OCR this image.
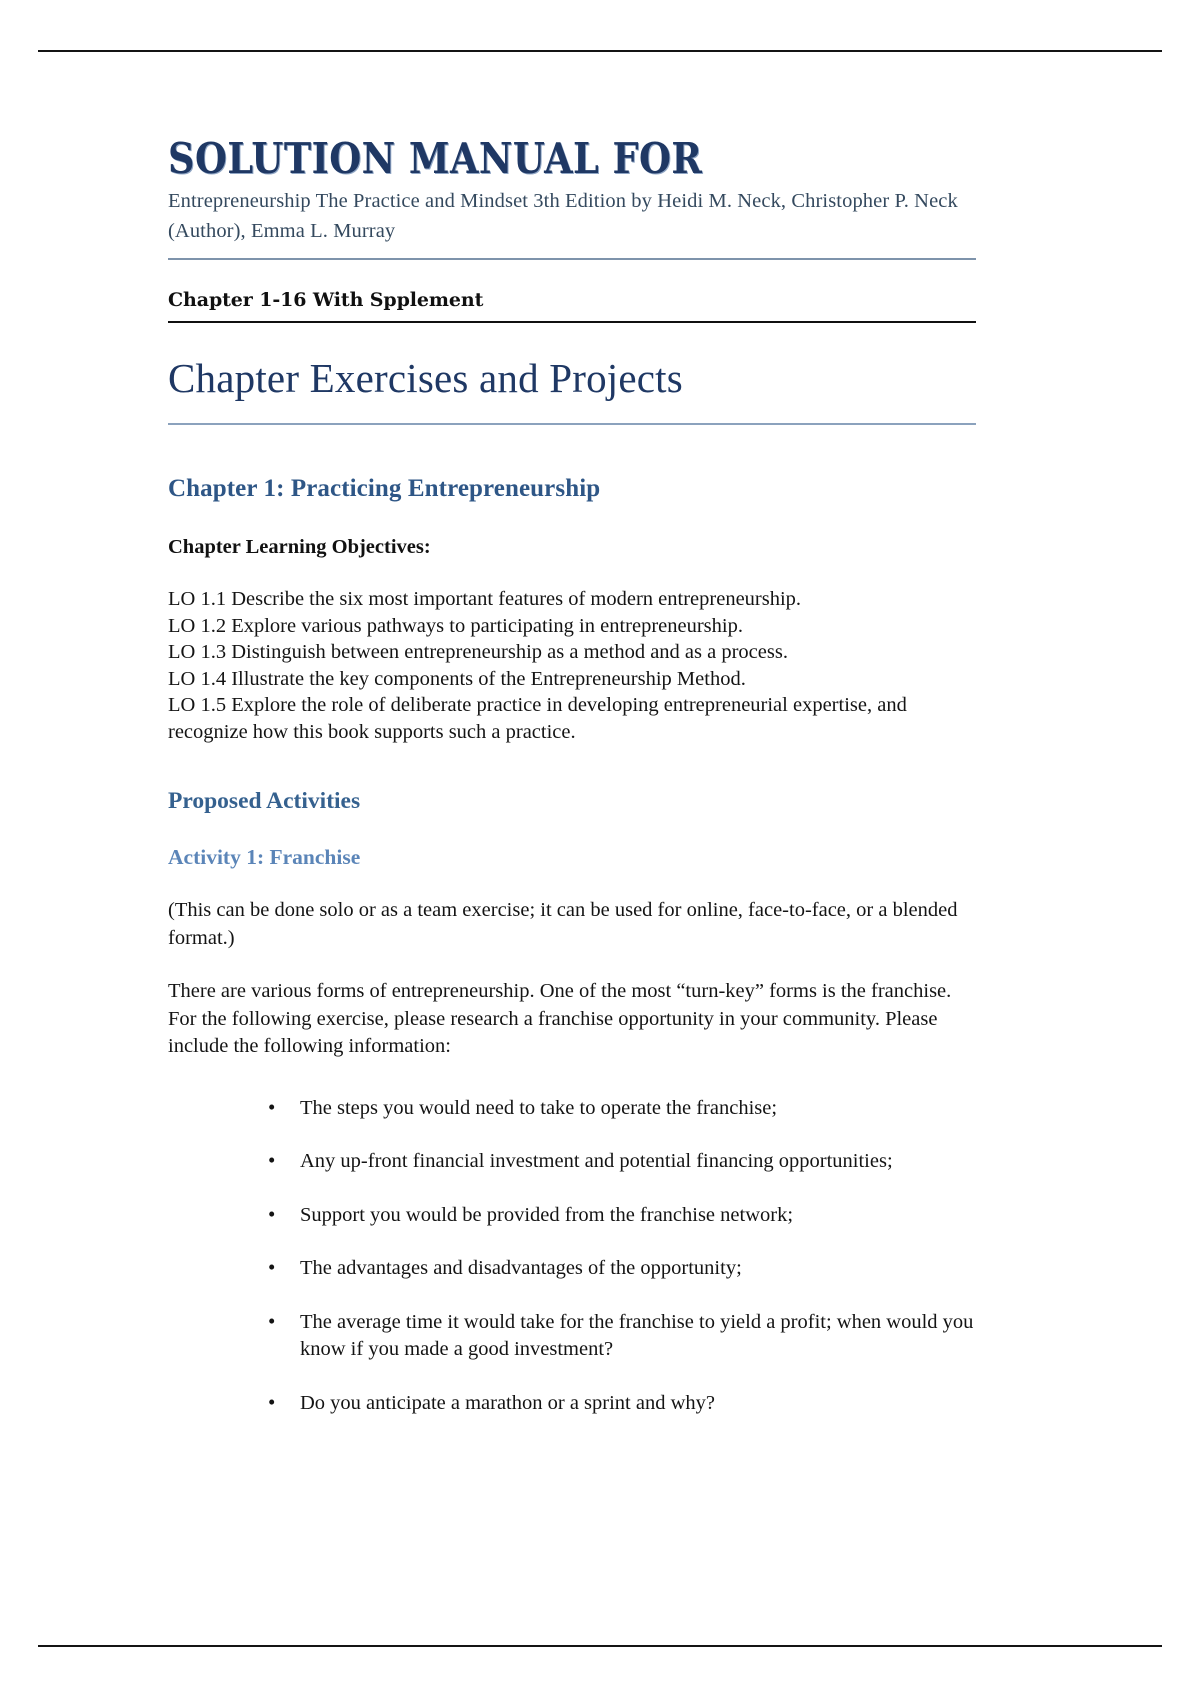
SOLUTION MANUAL FOR
Entrepreneurship The Practice and Mindset 3th Edition by Heidi M. Neck, Christopher P. Neck (Author), Emma L. Murray
Chapter 1-16 With Spplement
Chapter Exercises and Projects
Chapter 1: Practicing Entrepreneurship
Chapter Learning Objectives:
LO 1.1 Describe the six most important features of modern entrepreneurship.
LO 1.2 Explore various pathways to participating in entrepreneurship.
LO 1.3 Distinguish between entrepreneurship as a method and as a process.
LO 1.4 Illustrate the key components of the Entrepreneurship Method.
LO 1.5 Explore the role of deliberate practice in developing entrepreneurial expertise, and recognize how this book supports such a practice.
Proposed Activities
Activity 1: Franchise

(This can be done solo or as a team exercise; it can be used for online, face-to-face, or a blended format.)

There are various forms of entrepreneurship. One of the most “turn-key” forms is the franchise. For the following exercise, please research a franchise opportunity in your community. Please include the following information:

• The steps you would need to take to operate the franchise;
• Any up-front financial investment and potential financing opportunities;
• Support you would be provided from the franchise network;
• The advantages and disadvantages of the opportunity;
• The average time it would take for the franchise to yield a profit; when would you know if you made a good investment?
• Do you anticipate a marathon or a sprint and why?
